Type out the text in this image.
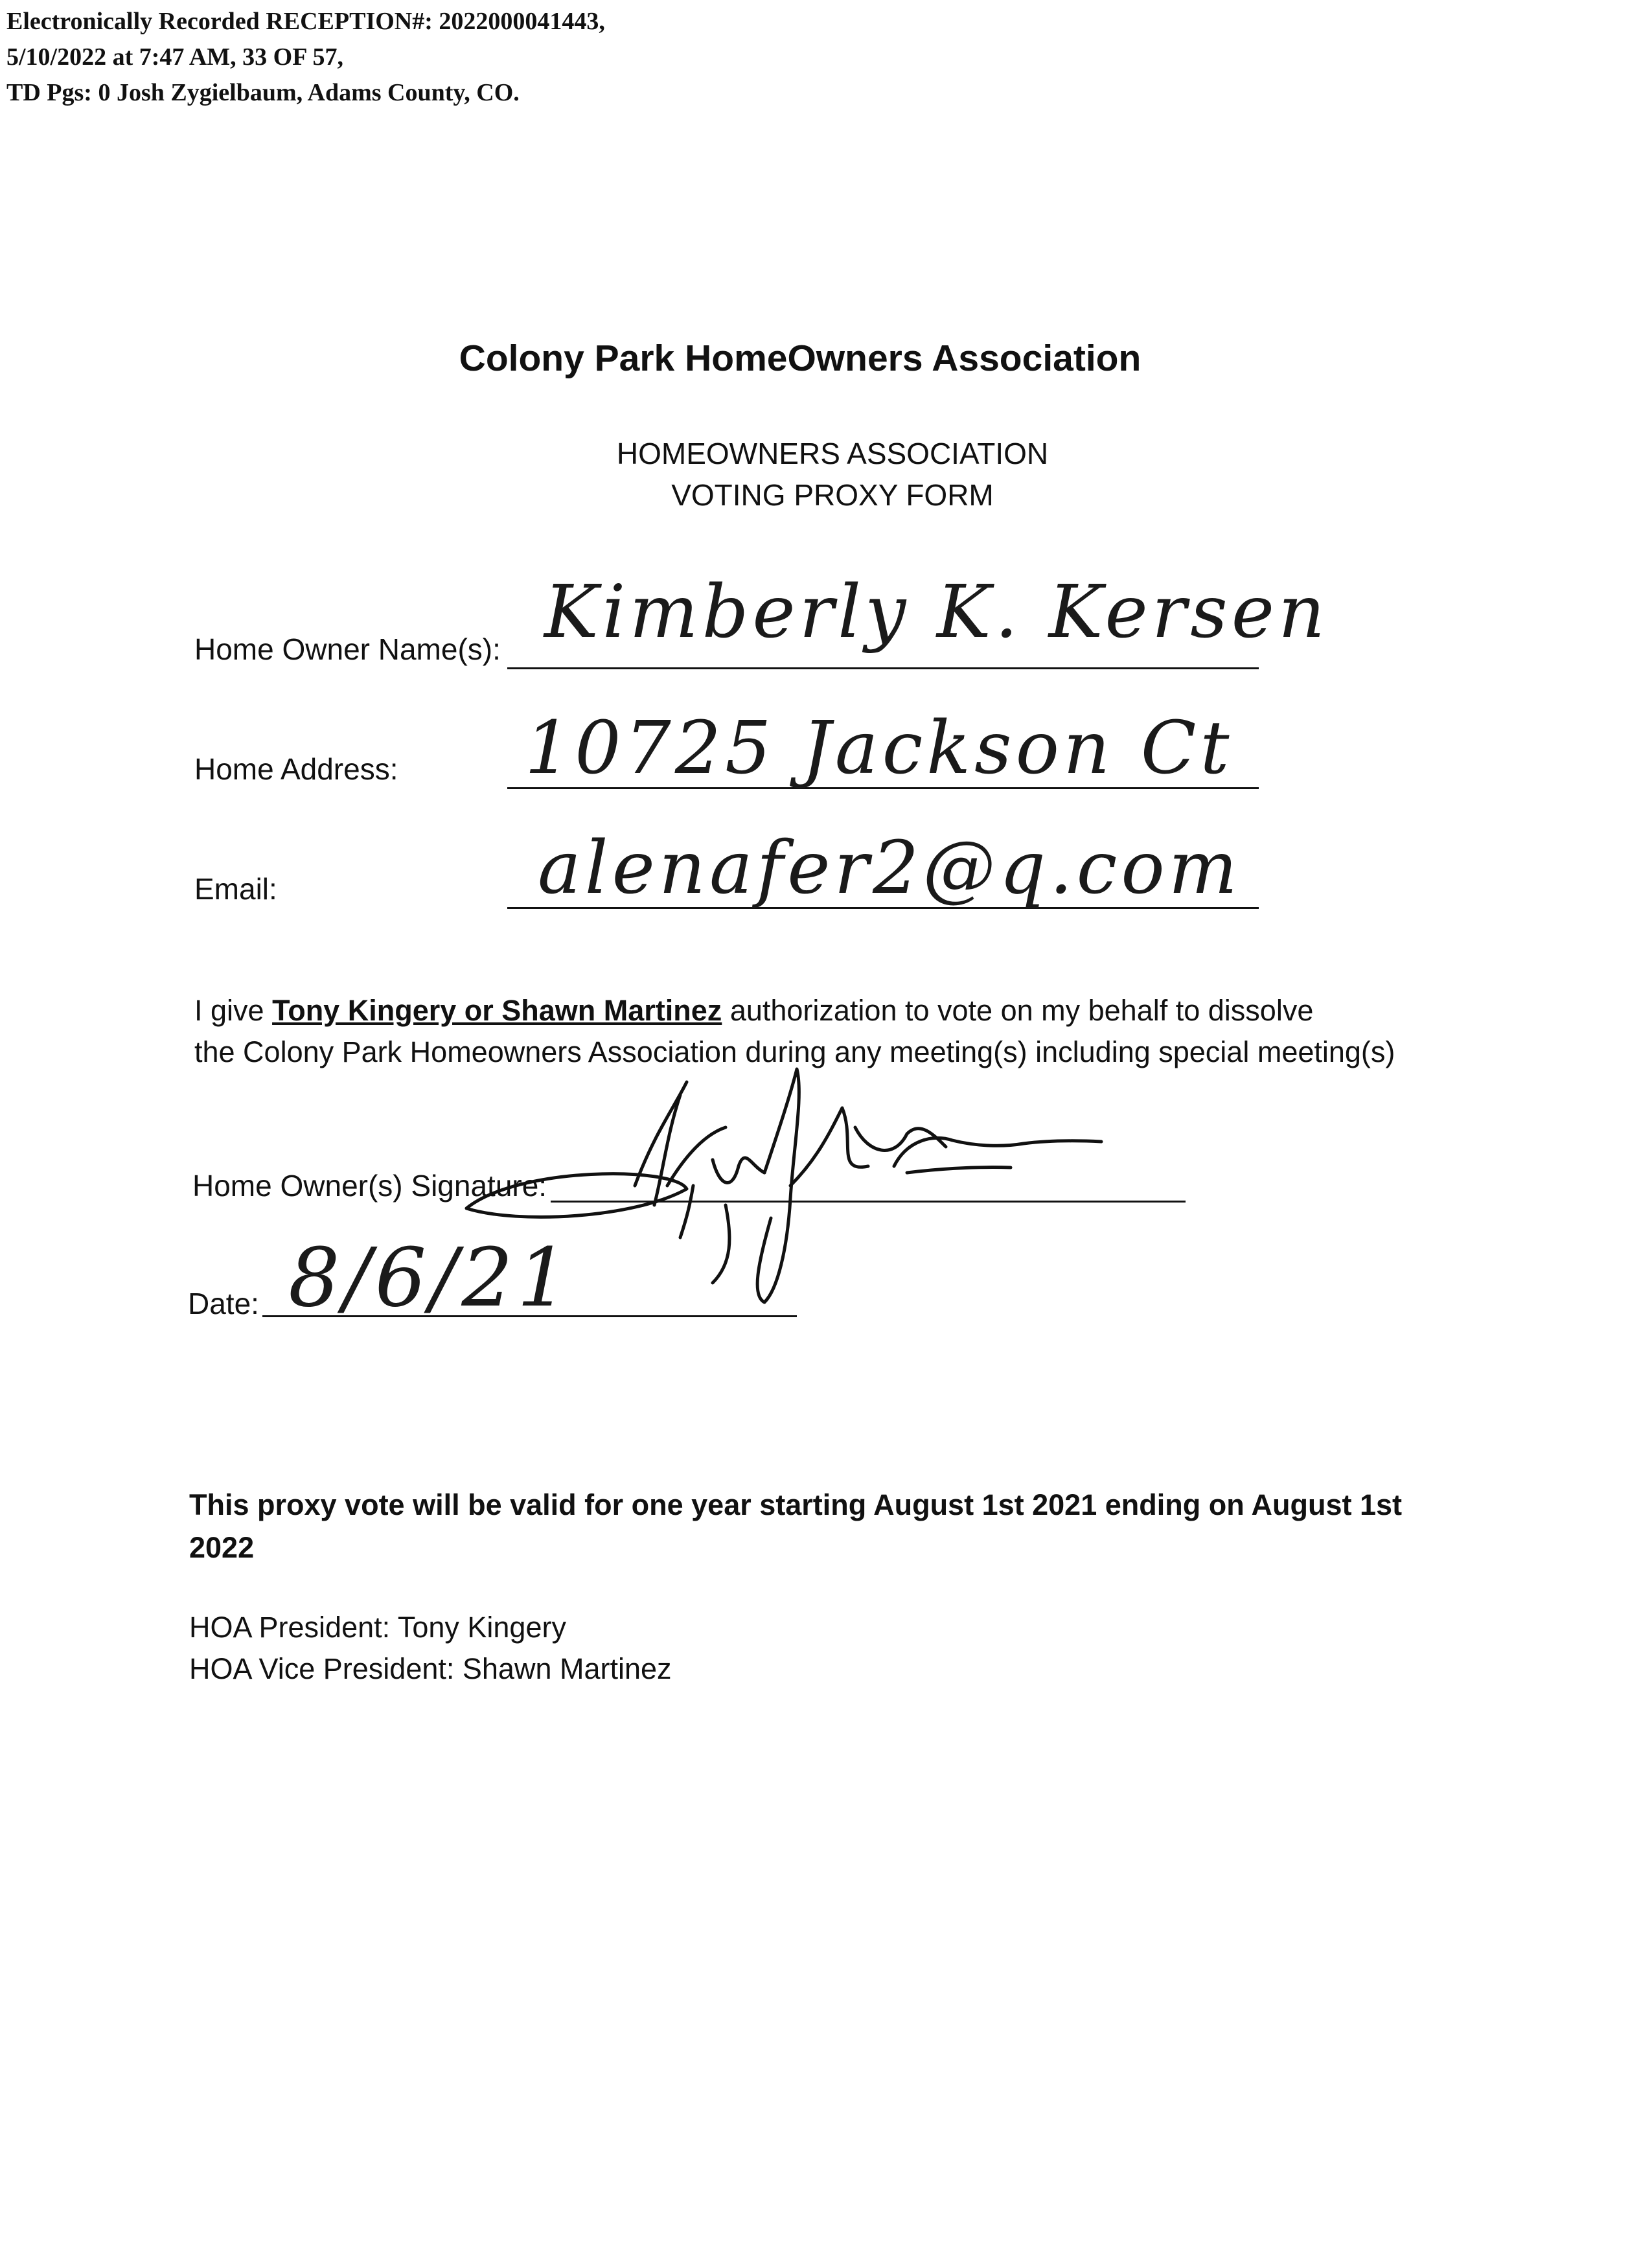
Electronically Recorded RECEPTION#: 2022000041443,
5/10/2022 at 7:47 AM, 33 OF 57,
TD Pgs: 0 Josh Zygielbaum, Adams County, CO.
Colony Park HomeOwners Association
HOMEOWNERS ASSOCIATION
VOTING PROXY FORM
Home Owner Name(s): Kimberly K. Kersen
Home Address: 10725 Jackson Ct
Email:	alenafer2@q.com
I give Tony Kingery or Shawn Martinez authorization to vote on my behalf to dissolve
the Colony Park Homeowners Association during any meeting(s) including special meeting(s)
Home Owner(s) Signature:
Date: 8/6/21
This proxy vote will be valid for one year starting August 1st 2021 ending on August 1st
2022
HOA President: Tony Kingery
HOA Vice President: Shawn Martinez
